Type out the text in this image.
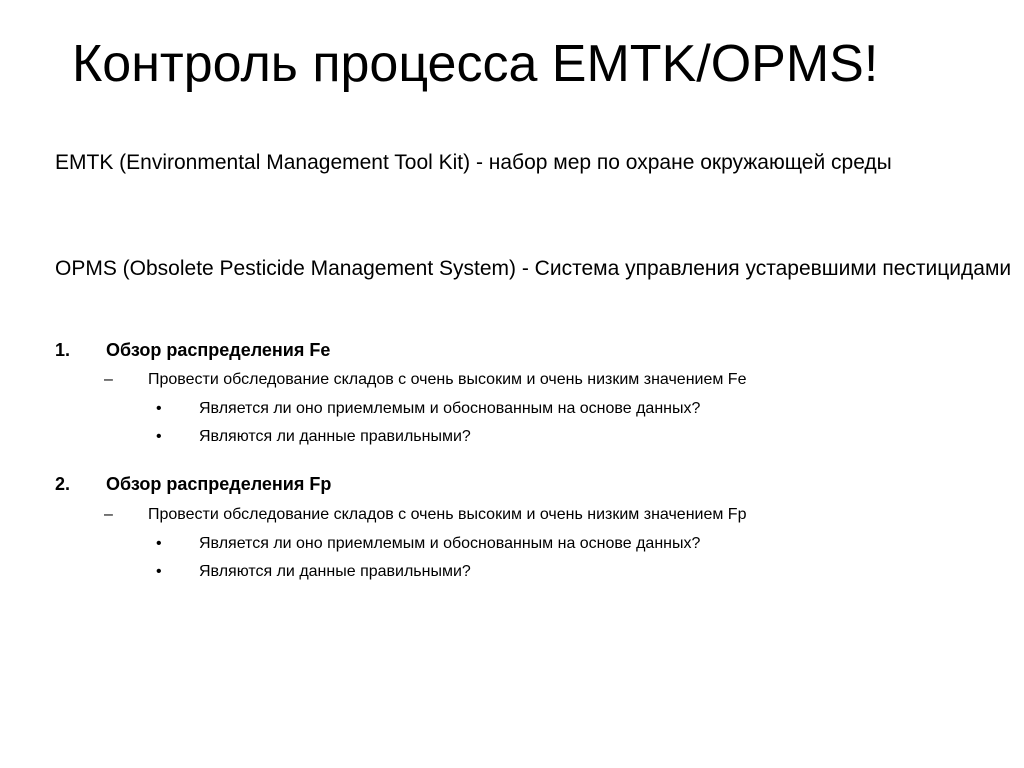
Контроль процесса EMTK/OPMS!
EMTK (Environmental Management Tool Kit) - набор мер по охране окружающей среды
OPMS (Obsolete Pesticide Management System) - Система управления устаревшими пестицидами
1. Обзор распределения Fe
– Провести обследование складов с очень высоким и очень низким значением Fe
• Является ли оно приемлемым и обоснованным на основе данных?
• Являются ли данные правильными?
2. Обзор распределения Fp
– Провести обследование складов с очень высоким и очень низким значением Fp
• Является ли оно приемлемым и обоснованным на основе данных?
• Являются ли данные правильными?
